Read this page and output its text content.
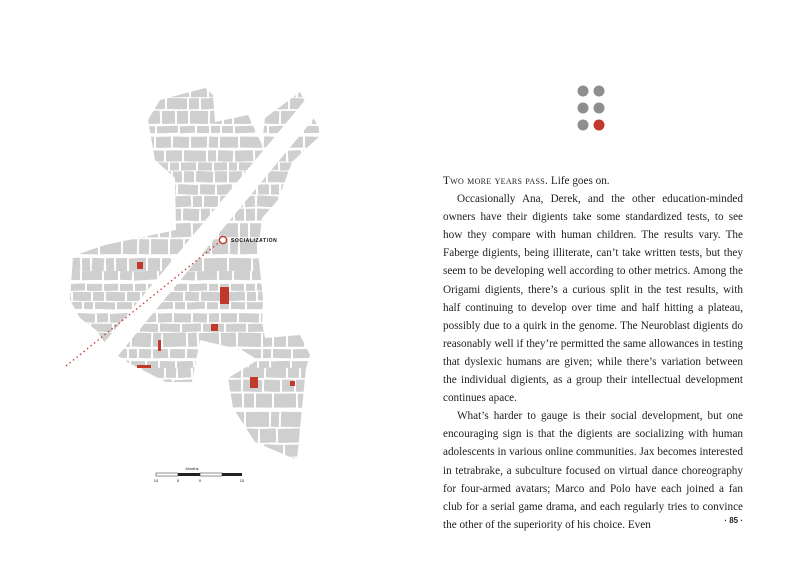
SOCIALIZATION
Months
10	5	0	10

Two more years pass. Life goes on.

Occasionally Ana, Derek, and the other education-minded owners have their digients take some standardized tests, to see how they compare with human children. The results vary. The Faberge digients, being illiterate, can’t take written tests, but they seem to be developing well according to other metrics. Among the Origami digients, there’s a curious split in the test results, with half continuing to develop over time and half hitting a plateau, possibly due to a quirk in the genome. The Neuroblast digients do reasonably well if they’re permitted the same allowances in testing that dyslexic humans are given; while there’s variation between the individual digients, as a group their intellectual development continues apace.

What’s harder to gauge is their social development, but one encouraging sign is that the digients are socializing with human adolescents in various online communities. Jax becomes interested in tetrabrake, a subculture focused on virtual dance choreography for four-armed avatars; Marco and Polo have each joined a fan club for a serial game drama, and each regularly tries to convince the other of the superiority of his choice. Even	· 85 ·
